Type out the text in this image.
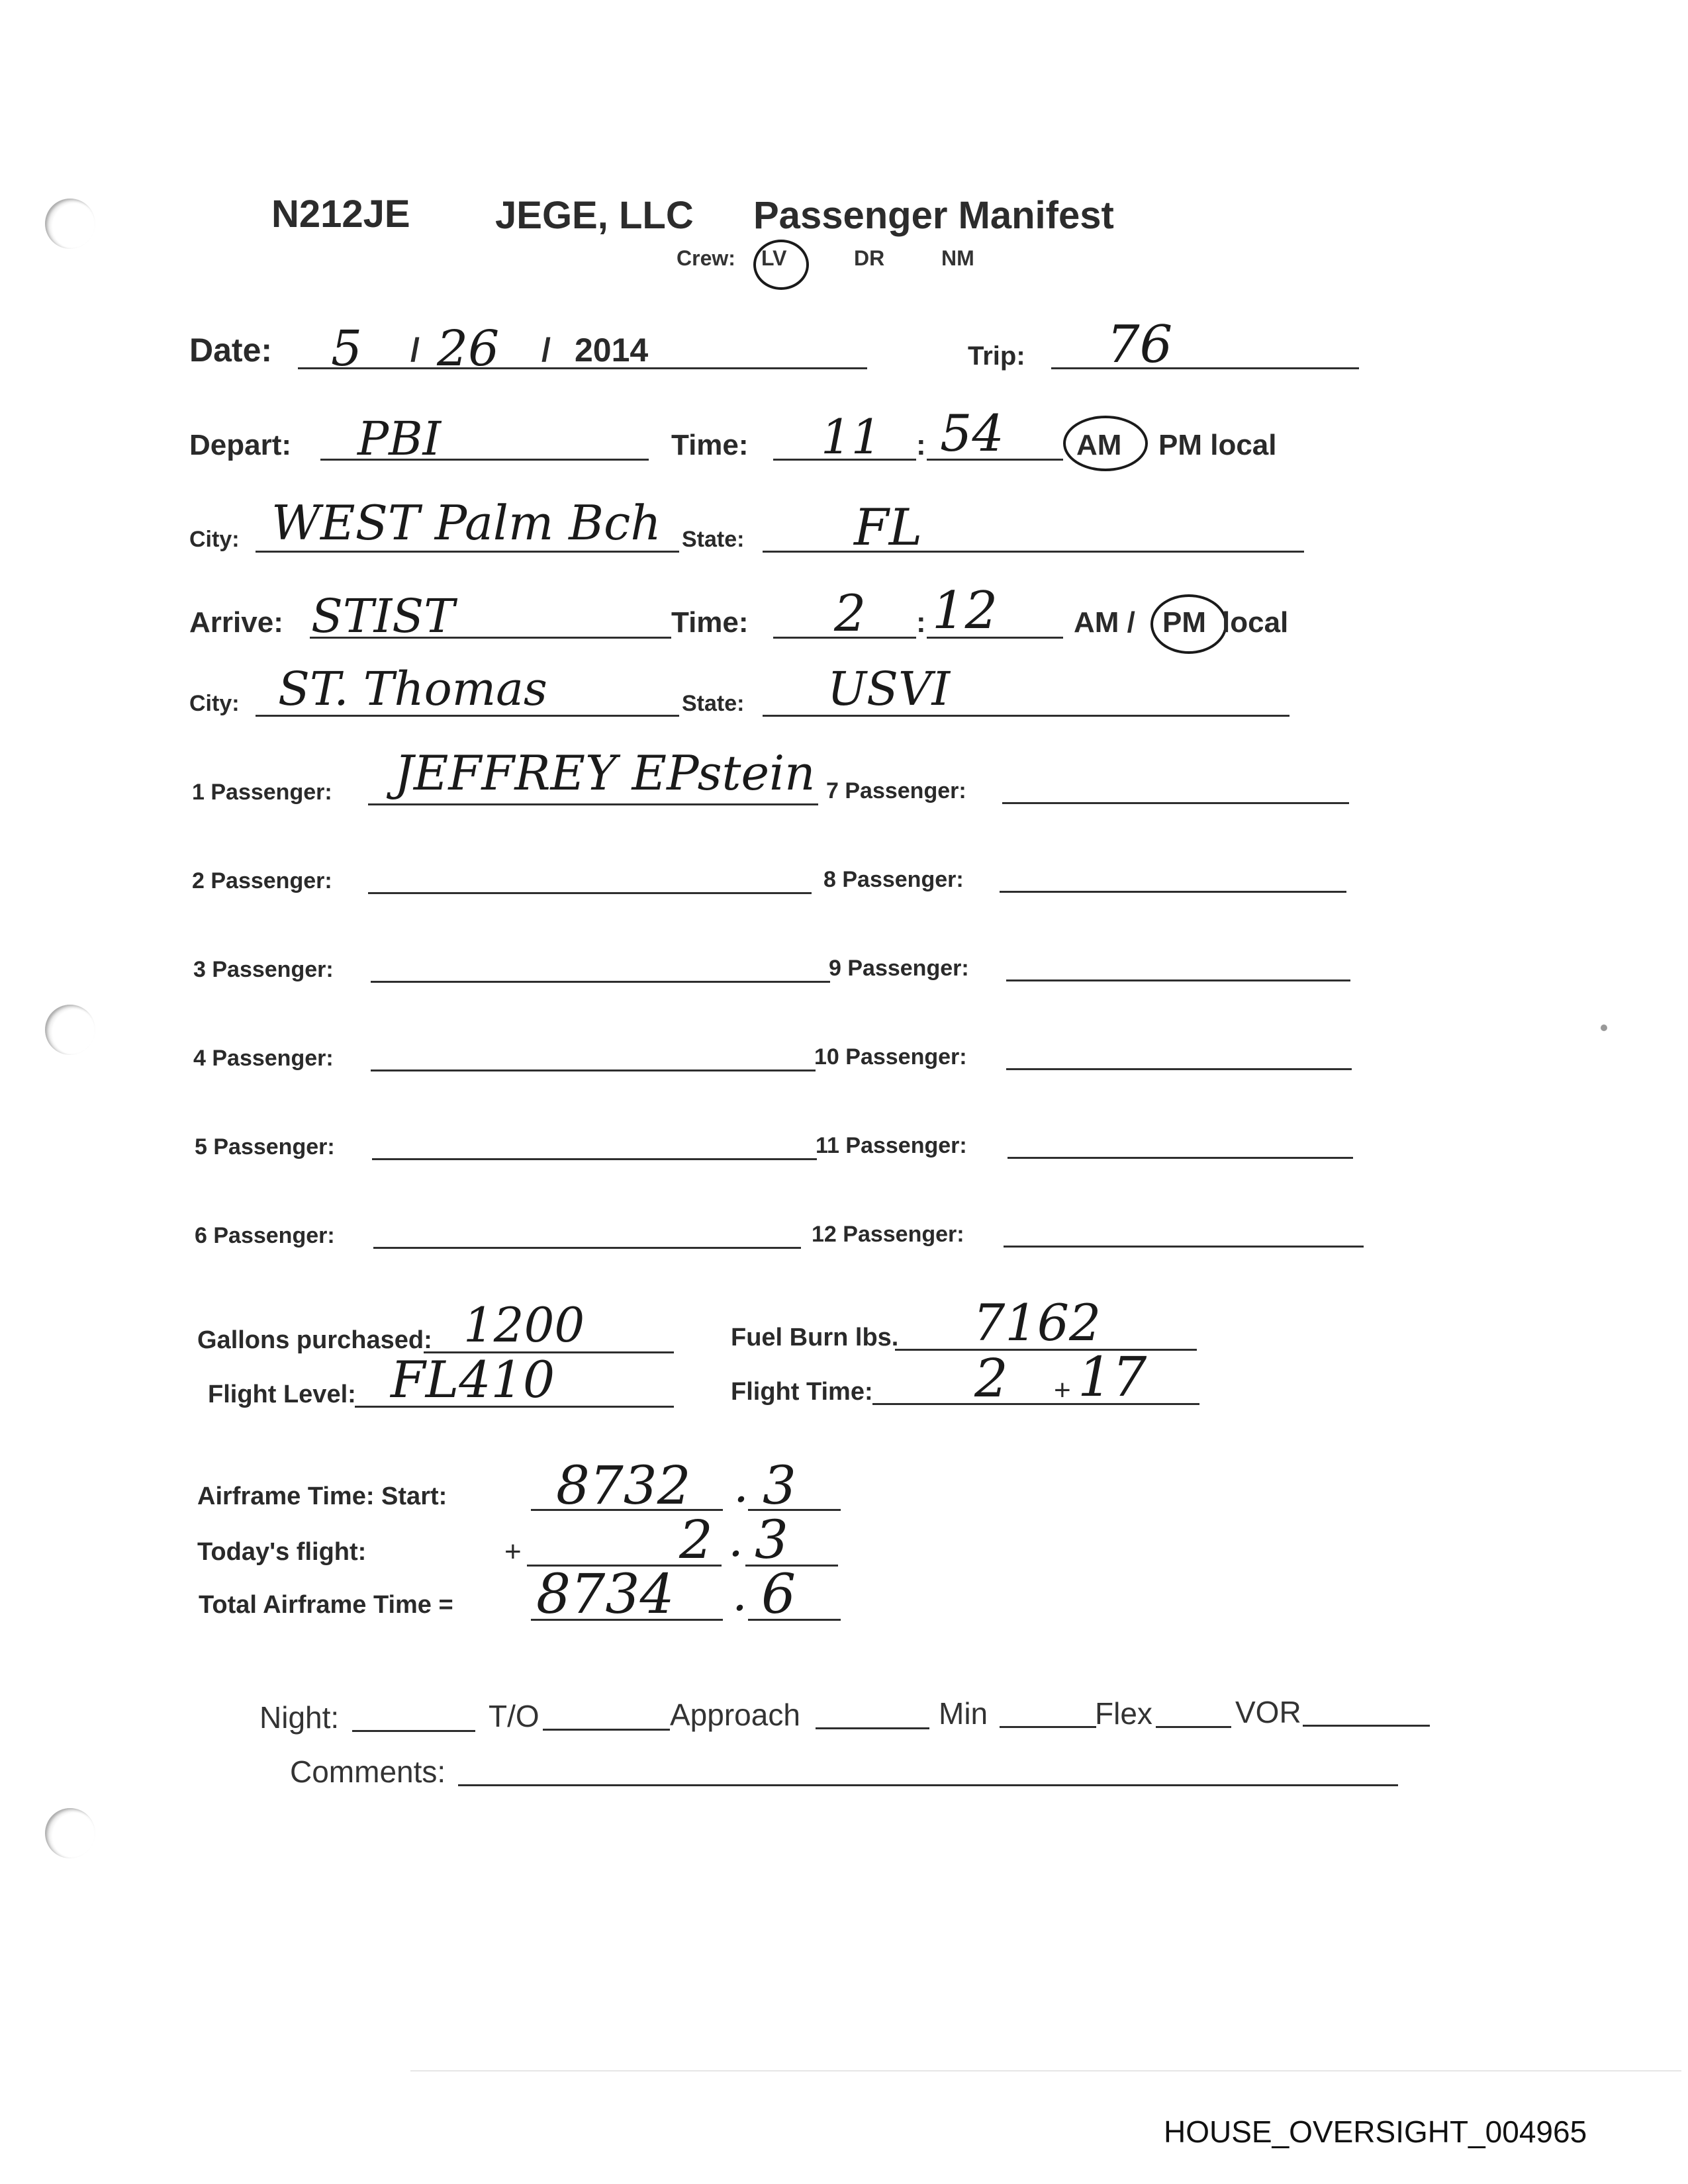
N212JE JEGE, LLC Passenger Manifest
Crew: LV	DR	NM
Date: 5 / 26 / 2014	Trip: 76
Depart: PBI	Time: 11 : 54 AM PM local
City: WEST Palm Bch State: FL
Arrive: STIST	Time: 2 : 12	AM / PM local
City: ST. Thomas	State: USVI
1 Passenger: JEFFREY EPstein
2 Passenger:
3 Passenger:
4 Passenger:
5 Passenger:
6 Passenger:
7 Passenger:
8 Passenger:
9 Passenger:
10 Passenger:
11 Passenger:
12 Passenger:
Gallons purchased: 1200	Fuel Burn lbs. 7162
Flight Level: FL410	Flight Time: 2 + 17
Airframe Time: Start: 8732 . 3
Today's flight:	+	2 . 3
Total Airframe Time = 8734 . 6
Night:	T/O	Approach	Min	Flex	VOR
Comments:
HOUSE_OVERSIGHT_004965
